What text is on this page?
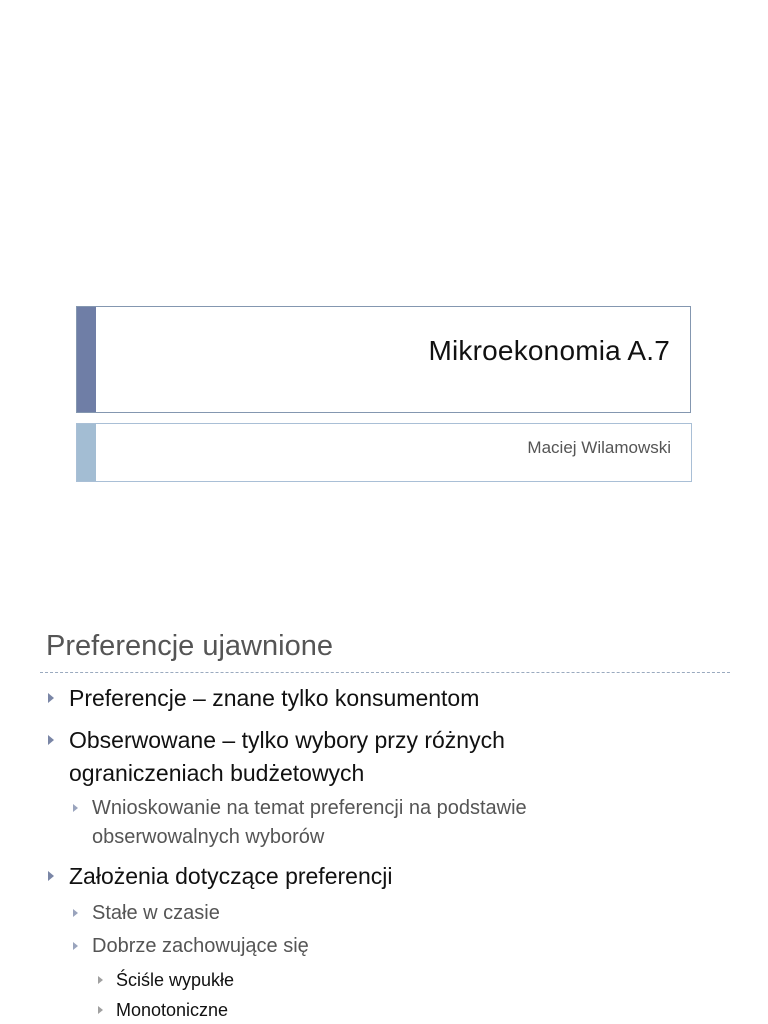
Mikroekonomia A.7
Maciej Wilamowski
Preferencje ujawnione
Preferencje – znane tylko konsumentom
Obserwowane – tylko wybory przy różnych
ograniczeniach budżetowych
Wnioskowanie na temat preferencji na podstawie
obserwowalnych wyborów
Założenia dotyczące preferencji
Stałe w czasie
Dobrze zachowujące się
Ściśle wypukłe
Monotoniczne
